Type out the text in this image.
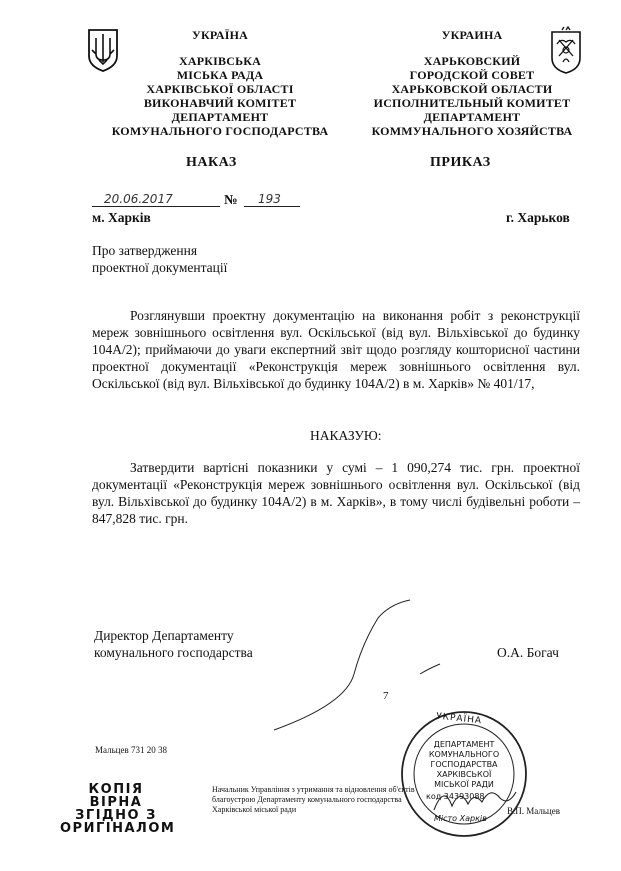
УКРАЇНА
ХАРКІВСЬКА
МІСЬКА РАДА
ХАРКІВСЬКОЇ ОБЛАСТІ
ВИКОНАВЧИЙ КОМІТЕТ
ДЕПАРТАМЕНТ
КОМУНАЛЬНОГО ГОСПОДАРСТВА
УКРАИНА
ХАРЬКОВСКИЙ
ГОРОДСКОЙ СОВЕТ
ХАРЬКОВСКОЙ ОБЛАСТИ
ИСПОЛНИТЕЛЬНЫЙ КОМИТЕТ
ДЕПАРТАМЕНТ
КОММУНАЛЬНОГО ХОЗЯЙСТВА
НАКАЗ	ПРИКАЗ
20.06.2017	№	193
м. Харків	г. Харьков
Про затвердження
проектної документації
Розглянувши проектну документацію на виконання робіт з реконструкції мереж зовнішнього освітлення вул. Оскільської (від вул. Вільхівської до будинку 104А/2); приймаючи до уваги експертний звіт щодо розгляду кошторисної частини проектної документації «Реконструкція мереж зовнішнього освітлення вул. Оскільської (від вул. Вільхівської до будинку 104А/2) в м. Харків» № 401/17,
НАКАЗУЮ:
Затвердити вартісні показники у сумі – 1 090,274 тис. грн. проектної документації «Реконструкція мереж зовнішнього освітлення вул. Оскільської (від вул. Вільхівської до будинку 104А/2) в м. Харків», в тому числі будівельні роботи – 847,828 тис. грн.
Директор Департаменту
комунального господарства	О.А. Богач
7
Мальцев 731 20 38
КОПІЯ ВІРНА
ЗГІДНО З
ОРИГІНАЛОМ
Начальник Управління з утримання та відновлення об'єктів благоустрою Департаменту комунального господарства Харківської міської ради	В.П. Мальцев
УКРАЇНА
ДЕПАРТАМЕНТ
КОМУНАЛЬНОГО
ГОСПОДАРСТВА
ХАРКІВСЬКОЇ
МІСЬКОЇ РАДИ
код 34393088
Місто Харків
